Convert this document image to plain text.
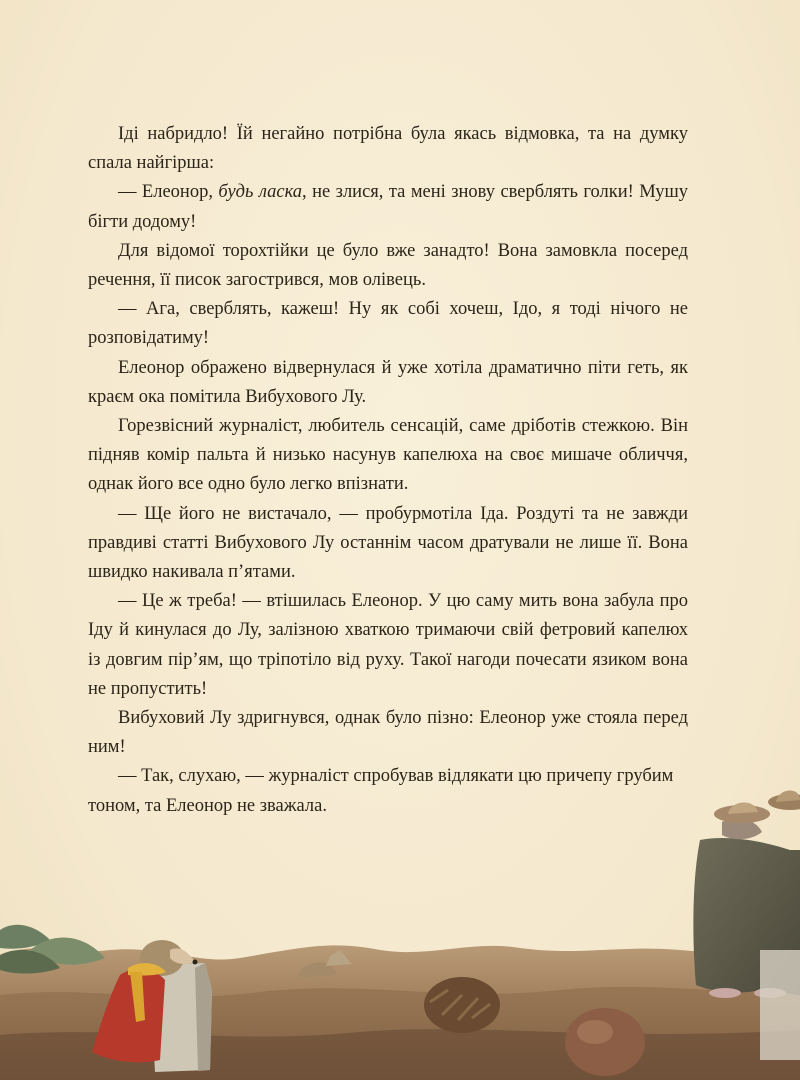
Іді набридло! Їй негайно потрібна була якась відмовка, та на думку спала найгірша:

— Елеонор, будь ласка, не злися, та мені знову сверблять голки! Мушу бігти додому!

Для відомої торохтійки це було вже занадто! Вона замовкла посеред речення, її писок загострився, мов олівець.

— Ага, сверблять, кажеш! Ну як собі хочеш, Ідо, я тоді нічого не розповідатиму!

Елеонор ображено відвернулася й уже хотіла драматично піти геть, як краєм ока помітила Вибухового Лу.

Горезвісний журналіст, любитель сенсацій, саме дріботів стежкою. Він підняв комір пальта й низько насунув капелюха на своє мишаче обличчя, однак його все одно було легко впізнати.

— Ще його не вистачало, — пробурмотіла Іда. Роздуті та не завжди правдиві статті Вибухового Лу останнім часом дратували не лише її. Вона швидко накивала п’ятами.

— Це ж треба! — втішилась Елеонор. У цю саму мить вона забула про Іду й кинулася до Лу, залізною хваткою тримаючи свій фетровий капелюх із довгим пір’ям, що тріпотіло від руху. Такої нагоди почесати язиком вона не пропустить!

Вибуховий Лу здригнувся, однак було пізно: Елеонор уже стояла перед ним!

— Так, слухаю, — журналіст спробував відлякати цю причепу грубим тоном, та Елеонор не зважала.
